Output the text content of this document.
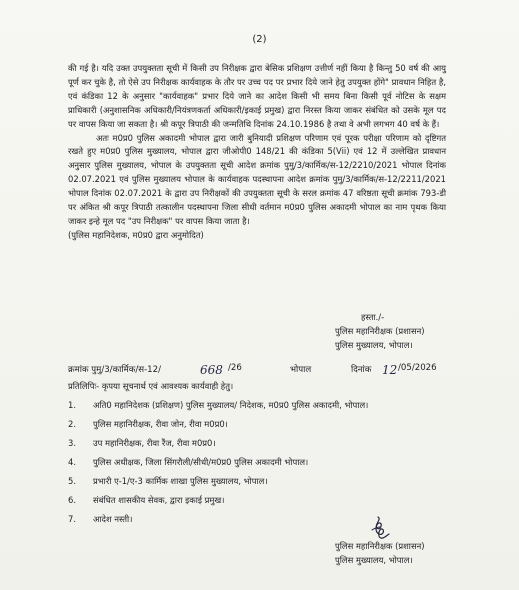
(2)

की गई है। यदि उक्त उपयुक्तता सूची में किसी उप निरीक्षक द्वारा बेसिक प्रशिक्षण उत्तीर्ण नहीं किया है किन्तु 50 वर्ष की आयु पूर्ण कर चुके है, तो ऐसे उप निरीक्षक कार्यवाहक के तौर पर उच्च पद पर प्रभार दिये जाने हेतु उपयुक्त होंगे" प्रावधान निहित है, एवं कंडिका 12 के अनुसार "कार्यवाहक" प्रभार दिये जाने का आदेश किसी भी समय बिना किसी पूर्व नोटिस के सक्षम प्राधिकारी (अनुशासनिक अधिकारी/नियंत्रणकर्ता अधिकारी/इकाई प्रमुख) द्वारा निरस्त किया जाकर संबंधित को उसके मूल पद पर वापस किया जा सकता है। श्री कपूर त्रिपाठी की जन्मतिथि दिनांक 24.10.1986 है तथा वे अभी लगभग 40 वर्ष के हैं।

अतः म0प्र0 पुलिस अकादमी भोपाल द्वारा जारी बुनियादी प्रशिक्षण परिणाम एवं पूरक परीक्षा परिणाम को दृष्टिगत रखते हुए म0प्र0 पुलिस मुख्यालय, भोपाल द्वारा जीओपी0 148/21 की कंडिका 5(Vii) एवं 12 में उल्लेखित प्रावधान अनुसार पुलिस मुख्यालय, भोपाल के उपयुक्तता सूची आदेश क्रमांक पुमु/3/कार्मिक/स-12/2210/2021 भोपाल दिनांक 02.07.2021 एवं पुलिस मुख्यालय भोपाल के कार्यवाहक पदस्थापना आदेश क्रमांक पुमु/3/कार्मिक/स-12/2211/2021 भोपाल दिनांक 02.07.2021 के द्वारा उप निरीक्षकों की उपयुक्तता सूची के सरल क्रमांक 47 वरिष्ठता सूची क्रमांक 793-डी पर अंकित श्री कपूर त्रिपाठी तत्कालीन पदस्थापना जिला सीधी वर्तमान म0प्र0 पुलिस अकादमी भोपाल का नाम पृथक किया जाकर इन्हे मूल पद "उप निरीक्षक" पर वापस किया जाता है।

(पुलिस महानिदेशक, म0प्र0 द्वारा अनुमोदित)

हस्ता./-
पुलिस महानिरीक्षक (प्रशासन)
पुलिस मुख्यालय, भोपाल।
क्रमांक पुमु/3/कार्मिक/स-12/	668 /26	भोपाल	दिनांक 12 /05/2026
प्रतिलिपिः- कृपया सूचनार्थ एवं आवश्यक कार्यवाही हेतु।
1. अति0 महानिदेशक (प्रशिक्षण) पुलिस मुख्यालय/ निदेशक, म0प्र0 पुलिस अकादमी, भोपाल।
2. पुलिस महानिरीक्षक, रीवा जोन, रीवा म0प्र0।
3. उप महानिरीक्षक, रीवा रैंज, रीवा म0प्र0।
4. पुलिस अधीक्षक, जिला सिंगरौली/सीधी/म0प्र0 पुलिस अकादमी भोपाल।
5. प्रभारी ए-1/ए-3 कार्मिक शाखा पुलिस मुख्यालय, भोपाल।
6. संबंधित शासकीय सेवक, द्वारा इकाई प्रमुख।
7. आदेश नस्ती।
पुलिस महानिरीक्षक (प्रशासन)
पुलिस मुख्यालय, भोपाल।
